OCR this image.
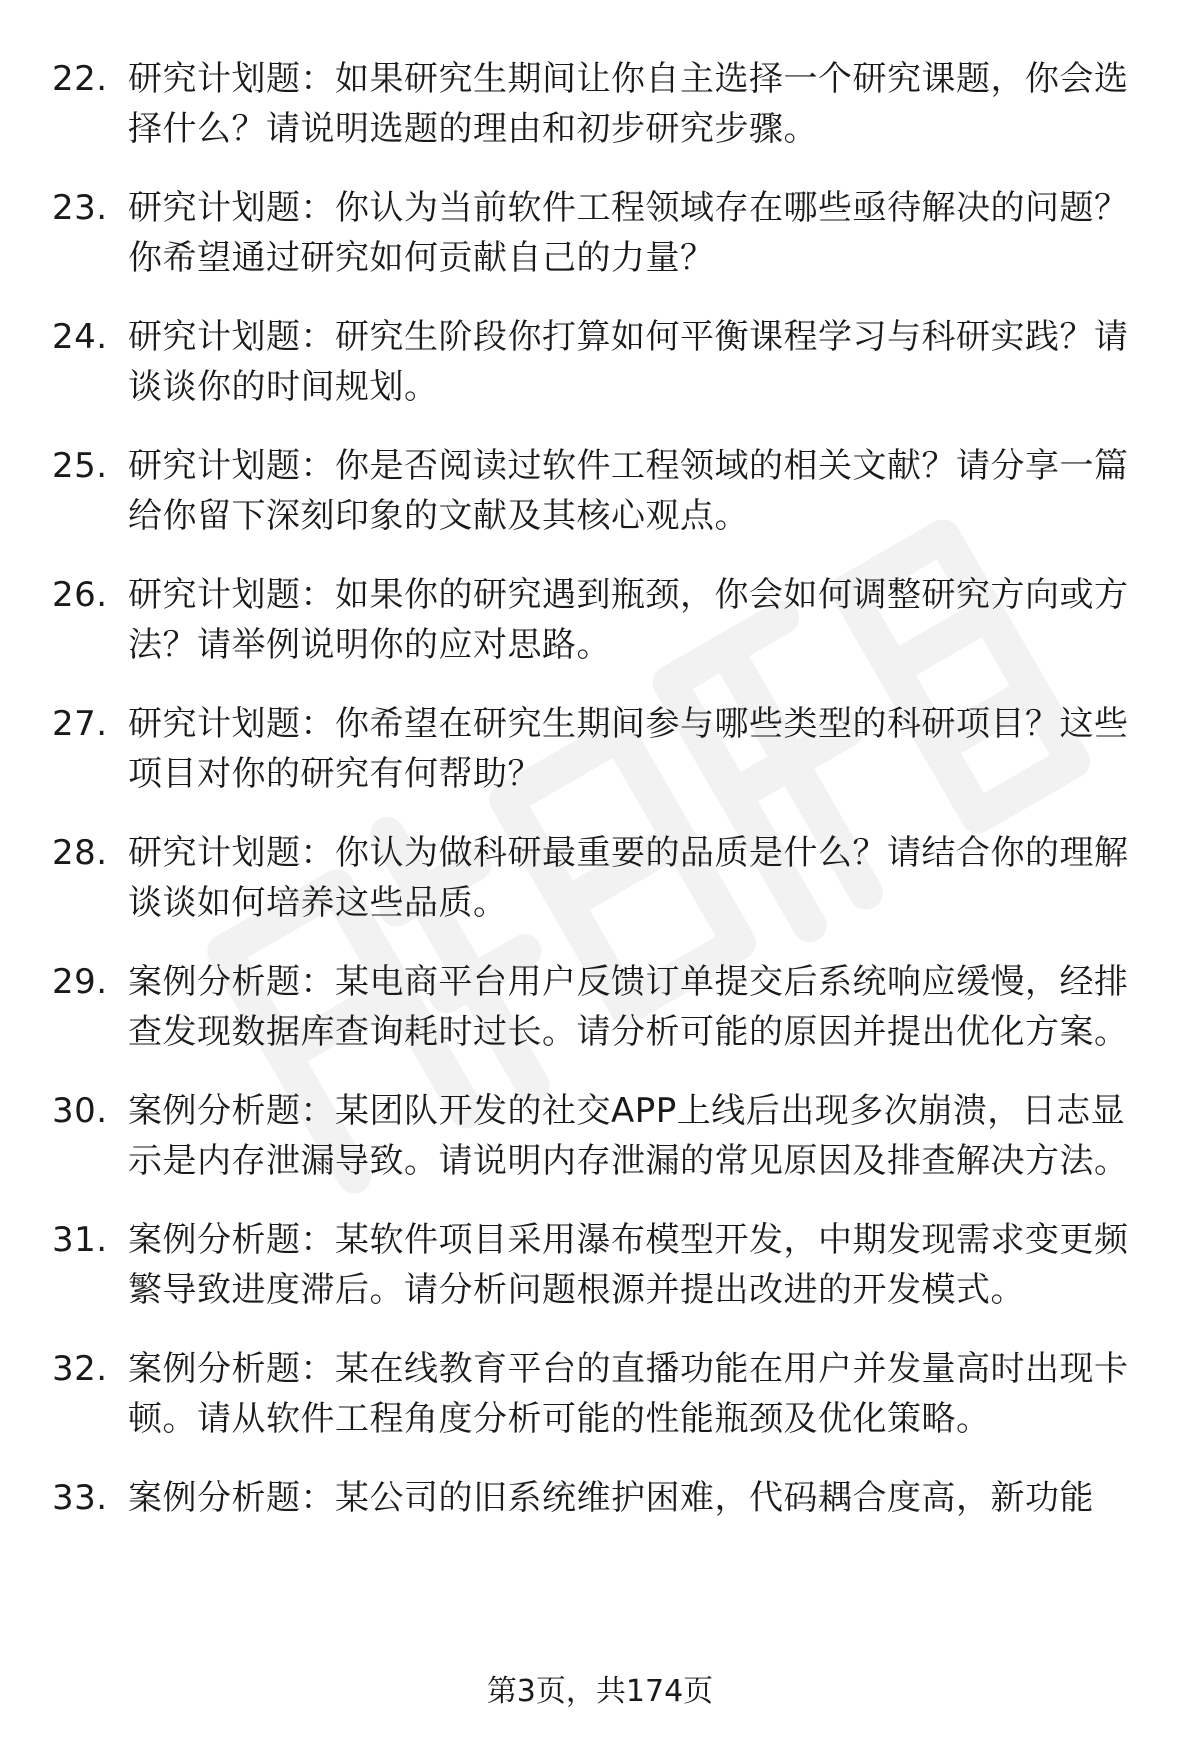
22. 研究计划题：如果研究生期间让你自主选择一个研究课题，你会选择什么？请说明选题的理由和初步研究步骤。
23. 研究计划题：你认为当前软件工程领域存在哪些亟待解决的问题？你希望通过研究如何贡献自己的力量？
24. 研究计划题：研究生阶段你打算如何平衡课程学习与科研实践？请谈谈你的时间规划。
25. 研究计划题：你是否阅读过软件工程领域的相关文献？请分享一篇给你留下深刻印象的文献及其核心观点。
26. 研究计划题：如果你的研究遇到瓶颈，你会如何调整研究方向或方法？请举例说明你的应对思路。
27. 研究计划题：你希望在研究生期间参与哪些类型的科研项目？这些项目对你的研究有何帮助？
28. 研究计划题：你认为做科研最重要的品质是什么？请结合你的理解谈谈如何培养这些品质。
29. 案例分析题：某电商平台用户反馈订单提交后系统响应缓慢，经排查发现数据库查询耗时过长。请分析可能的原因并提出优化方案。
30. 案例分析题：某团队开发的社交APP上线后出现多次崩溃，日志显示是内存泄漏导致。请说明内存泄漏的常见原因及排查解决方法。
31. 案例分析题：某软件项目采用瀑布模型开发，中期发现需求变更频繁导致进度滞后。请分析问题根源并提出改进的开发模式。
32. 案例分析题：某在线教育平台的直播功能在用户并发量高时出现卡顿。请从软件工程角度分析可能的性能瓶颈及优化策略。
33. 案例分析题：某公司的旧系统维护困难，代码耦合度高，新功能
第3页，共174页
